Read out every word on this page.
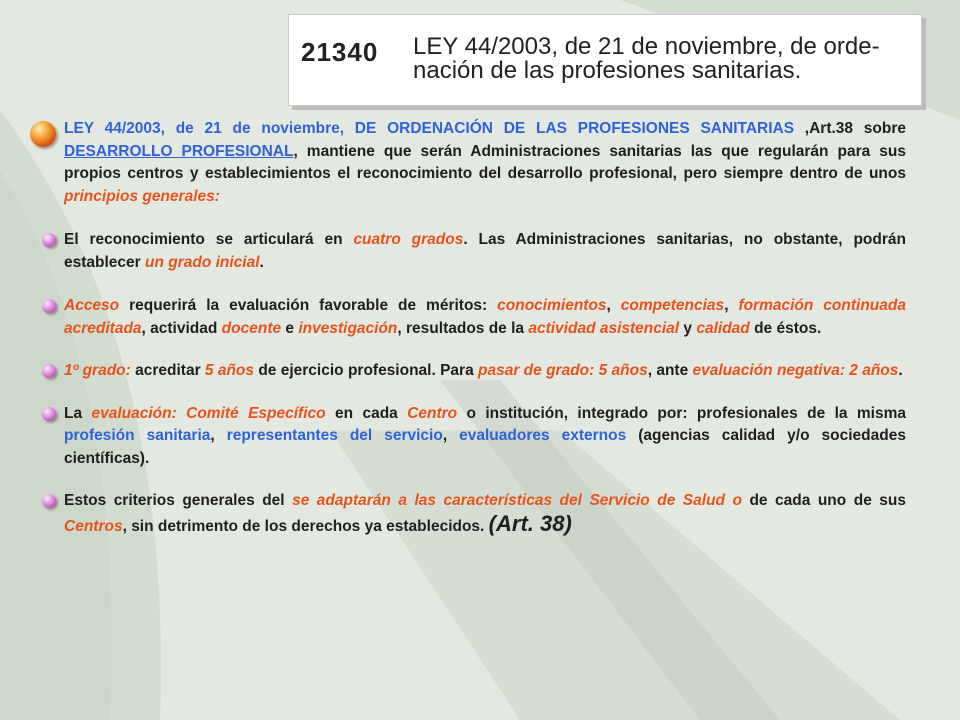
21340 LEY 44/2003, de 21 de noviembre, de orde-
nación de las profesiones sanitarias.
LEY 44/2003, de 21 de noviembre, DE ORDENACIÓN DE LAS PROFESIONES SANITARIAS ,Art.38 sobre DESARROLLO PROFESIONAL, mantiene que serán Administraciones sanitarias las que regularán para sus propios centros y establecimientos el reconocimiento del desarrollo profesional, pero siempre dentro de unos principios generales:
El reconocimiento se articulará en cuatro grados. Las Administraciones sanitarias, no obstante, podrán establecer un grado inicial.
Acceso requerirá la evaluación favorable de méritos: conocimientos, competencias, formación continuada acreditada, actividad docente e investigación, resultados de la actividad asistencial y calidad de éstos.
1º grado: acreditar 5 años de ejercicio profesional. Para pasar de grado: 5 años, ante evaluación negativa: 2 años.
La evaluación: Comité Específico en cada Centro o institución, integrado por: profesionales de la misma profesión sanitaria, representantes del servicio, evaluadores externos (agencias calidad y/o sociedades científicas).
Estos criterios generales del se adaptarán a las características del Servicio de Salud o de cada uno de sus Centros, sin detrimento de los derechos ya establecidos. (Art. 38)
